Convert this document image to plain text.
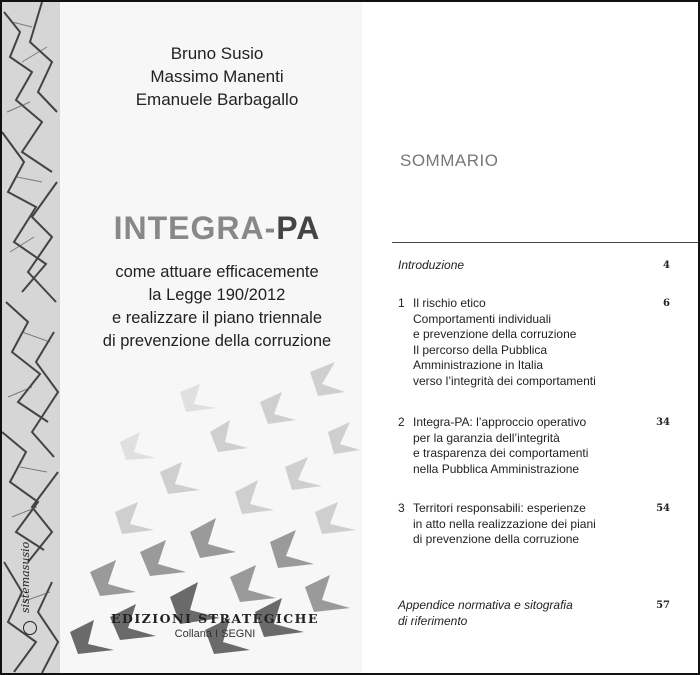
sistemasusio
Bruno Susio
Massimo Manenti
Emanuele Barbagallo
INTEGRA-PA
come attuare efficacemente
la Legge 190/2012
e realizzare il piano triennale
di prevenzione della corruzione
EDIZIONI STRATEGICHE
Collana I SEGNI
SOMMARIO
Introduzione	4
1 Il rischio etico
Comportamenti individuali
e prevenzione della corruzione
Il percorso della Pubblica
Amministrazione in Italia
verso l’integrità dei comportamenti
6
2 Integra-PA: l’approccio operativo
per la garanzia dell’integrità
e trasparenza dei comportamenti
nella Pubblica Amministrazione
34
3 Territori responsabili: esperienze
in atto nella realizzazione dei piani
di prevenzione della corruzione
54
Appendice normativa e sitografia
di riferimento
57
